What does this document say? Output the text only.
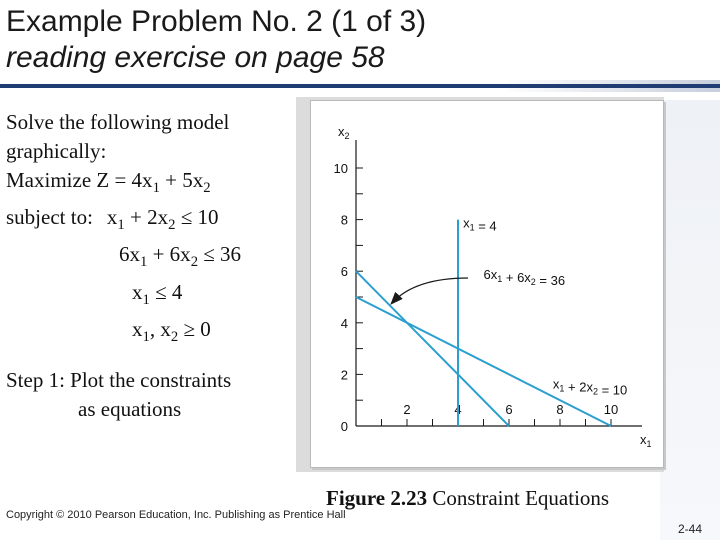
Example Problem No. 2 (1 of 3)
reading exercise on page 58
Solve the following model
graphically:
Maximize $Z = 4x_1 + 5x_2$
subject to: $x_1 + 2x_2 \le 10$
$6x_1 + 6x_2 \le 36$
$x_1 \le 4$
$x_1$, $x_2 \ge 0$
Step 1: Plot the constraints
as equations
0
2
4
6
8
10
2	4	6	8	10
$x_1 = 4$
$6x_1 + 6x_2 = 36$
$x_1 + 2x_2 = 10$
$x_2$
$x_1$
Figure 2.23 Constraint Equations
Copyright © 2010 Pearson Education, Inc. Publishing as Prentice Hall
2-44
